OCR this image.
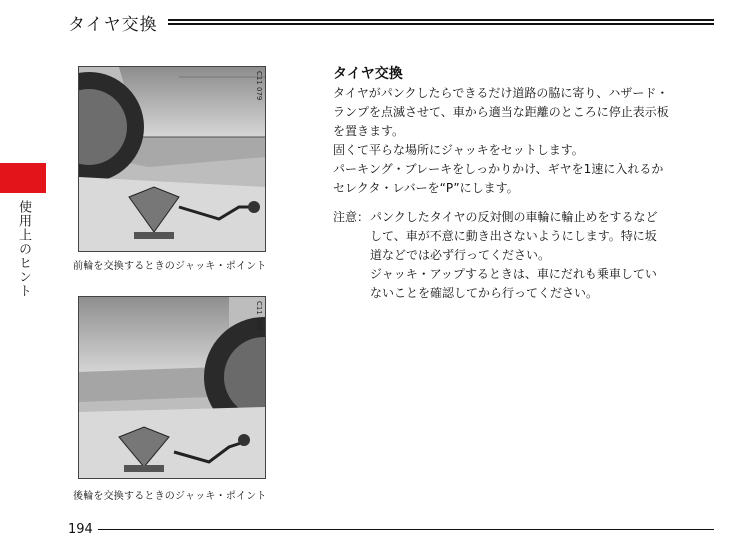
タイヤ交換
使用上のヒント
C11 079
前輪を交換するときのジャッキ・ポイント
C11 080
後輪を交換するときのジャッキ・ポイント
タイヤ交換
タイヤがパンクしたらできるだけ道路の脇に寄り、ハザード・
ランプを点滅させて、車から適当な距離のところに停止表示板
を置きます。
固くて平らな場所にジャッキをセットします。
パーキング・ブレーキをしっかりかけ、ギヤを1速に入れるか
セレクタ・レバーを“P”にします。
注意： パンクしたタイヤの反対側の車輪に輪止めをするなど
して、車が不意に動き出さないようにします。特に坂
道などでは必ず行ってください。
ジャッキ・アップするときは、車にだれも乗車してい
ないことを確認してから行ってください。
194
